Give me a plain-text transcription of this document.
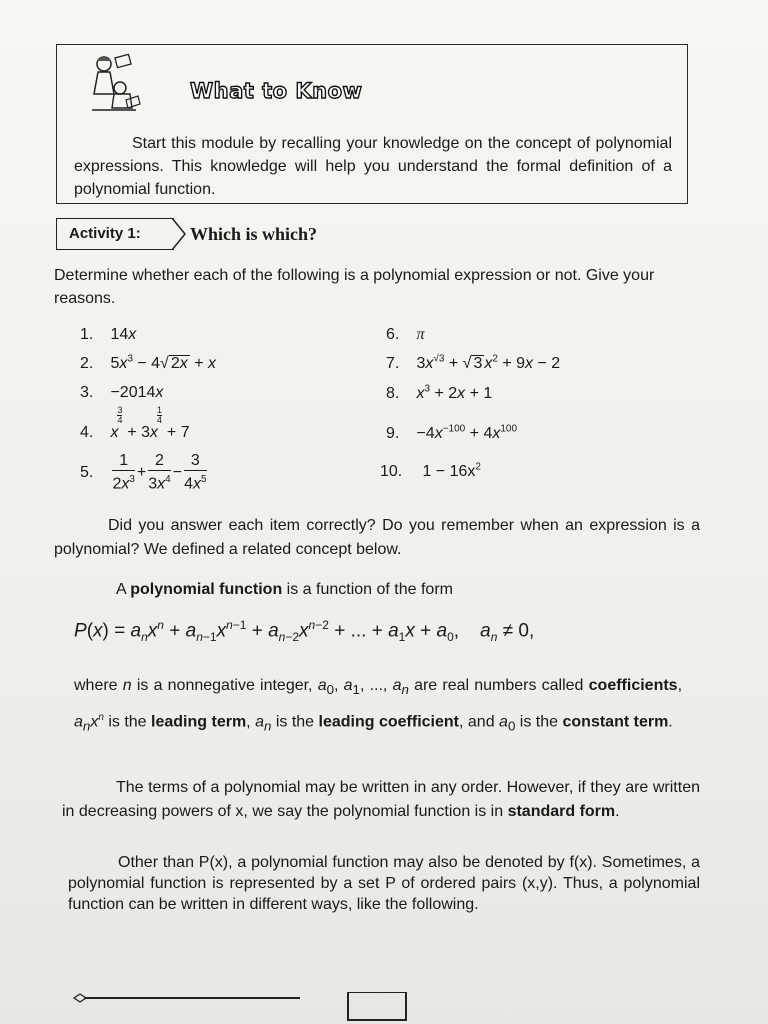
What to Know
Start this module by recalling your knowledge on the concept of polynomial expressions. This knowledge will help you understand the formal definition of a polynomial function.
Activity 1:	Which is which?
Determine whether each of the following is a polynomial expression or not. Give your reasons.
1. 14x
2. $5x^3 - 4√$ 2x + x
3. −2014x
4. x
3
4
+ 3x
1
4
+ 7
5. $\frac{1}{2x^3} + \frac{2}{3x^4} - \frac{3}{4x^5}$
6. π
7. $3x^{√3}$ + √ 3 $x^2 + 9x - 2$
8. $x^3 + 2x + 1$
9. $-4x^{-100} + 4x^{100}$
10. $1 - 16x^2$
Did you answer each item correctly? Do you remember when an expression is a polynomial? We defined a related concept below.
A polynomial function is a function of the form
$P(x) = a_nx^n + a_{n-1}x^{n-1} + a_{n-2}x^{n-2}$ + ... + $a_1x + a_0$,    $a_n \ne 0$,
where n is a nonnegative integer, $a_0$, $a_1$, ..., $a_n$ are real numbers called coefficients, $a_nx^n$ is the leading term, $a_n$ is the leading coefficient, and $a_0$ is the constant term.
The terms of a polynomial may be written in any order. However, if they are written in decreasing powers of x, we say the polynomial function is in standard form.
Other than P(x), a polynomial function may also be denoted by f(x). Sometimes, a polynomial function is represented by a set P of ordered pairs (x,y). Thus, a polynomial function can be written in different ways, like the following.
